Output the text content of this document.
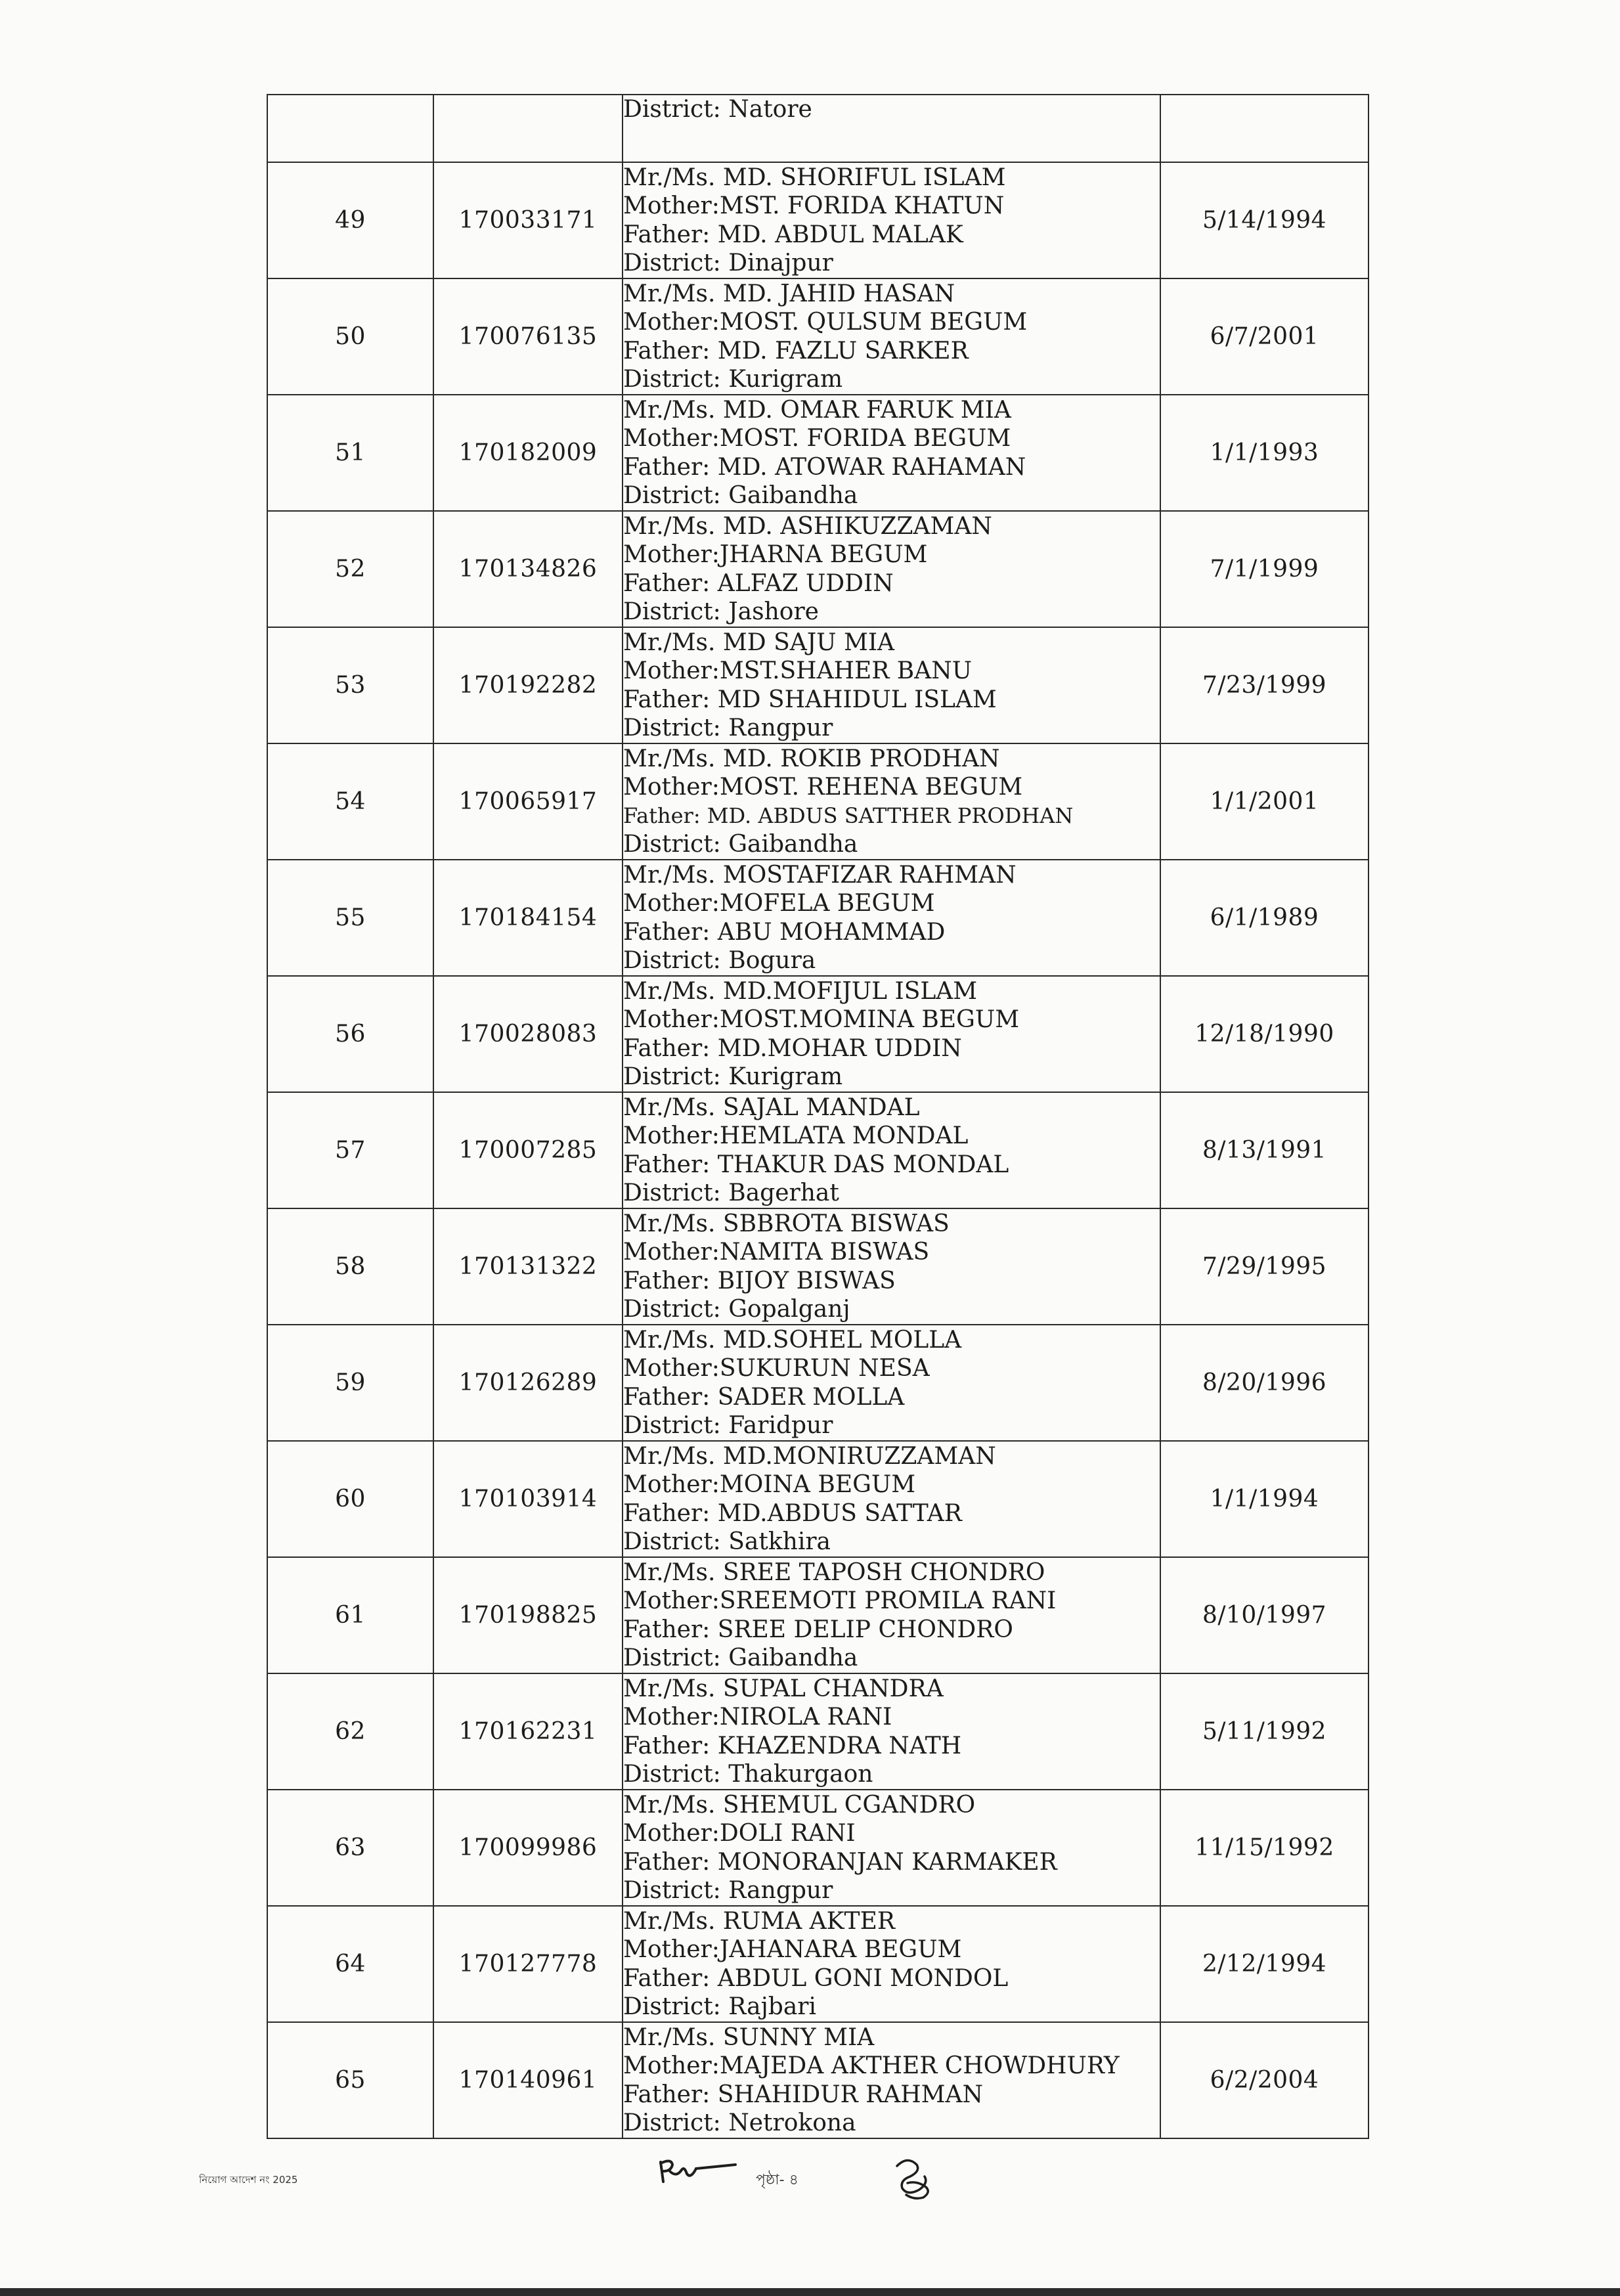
		District: Natore	

49	170033171	Mr./Ms. MD. SHORIFUL ISLAM
Mother:MST. FORIDA KHATUN
Father: MD. ABDUL MALAK
District: Dinajpur	5/14/1994
50	170076135	Mr./Ms. MD. JAHID HASAN
Mother:MOST. QULSUM BEGUM
Father: MD. FAZLU SARKER
District: Kurigram	6/7/2001
51	170182009	Mr./Ms. MD. OMAR FARUK MIA
Mother:MOST. FORIDA BEGUM
Father: MD. ATOWAR RAHAMAN
District: Gaibandha	1/1/1993
52	170134826	Mr./Ms. MD. ASHIKUZZAMAN
Mother:JHARNA BEGUM
Father: ALFAZ UDDIN
District: Jashore	7/1/1999
53	170192282	Mr./Ms. MD SAJU MIA
Mother:MST.SHAHER BANU
Father: MD SHAHIDUL ISLAM
District: Rangpur	7/23/1999
54	170065917	Mr./Ms. MD. ROKIB PRODHAN
Mother:MOST. REHENA BEGUM
Father: MD. ABDUS SATTHER PRODHAN
District: Gaibandha	1/1/2001
55	170184154	Mr./Ms. MOSTAFIZAR RAHMAN
Mother:MOFELA BEGUM
Father: ABU MOHAMMAD
District: Bogura	6/1/1989
56	170028083	Mr./Ms. MD.MOFIJUL ISLAM
Mother:MOST.MOMINA BEGUM
Father: MD.MOHAR UDDIN
District: Kurigram	12/18/1990
57	170007285	Mr./Ms. SAJAL MANDAL
Mother:HEMLATA MONDAL
Father: THAKUR DAS MONDAL
District: Bagerhat	8/13/1991
58	170131322	Mr./Ms. SBBROTA BISWAS
Mother:NAMITA BISWAS
Father: BIJOY BISWAS
District: Gopalganj	7/29/1995
59	170126289	Mr./Ms. MD.SOHEL MOLLA
Mother:SUKURUN NESA
Father: SADER MOLLA
District: Faridpur	8/20/1996
60	170103914	Mr./Ms. MD.MONIRUZZAMAN
Mother:MOINA BEGUM
Father: MD.ABDUS SATTAR
District: Satkhira	1/1/1994
61	170198825	Mr./Ms. SREE TAPOSH CHONDRO
Mother:SREEMOTI PROMILA RANI
Father: SREE DELIP CHONDRO
District: Gaibandha	8/10/1997
62	170162231	Mr./Ms. SUPAL CHANDRA
Mother:NIROLA RANI
Father: KHAZENDRA NATH
District: Thakurgaon	5/11/1992
63	170099986	Mr./Ms. SHEMUL CGANDRO
Mother:DOLI RANI
Father: MONORANJAN KARMAKER
District: Rangpur	11/15/1992
64	170127778	Mr./Ms. RUMA AKTER
Mother:JAHANARA BEGUM
Father: ABDUL GONI MONDOL
District: Rajbari	2/12/1994
65	170140961	Mr./Ms. SUNNY MIA
Mother:MAJEDA AKTHER CHOWDHURY
Father: SHAHIDUR RAHMAN
District: Netrokona	6/2/2004
নিয়োগ আদেশ নং 2025	পৃষ্ঠা- ৪
